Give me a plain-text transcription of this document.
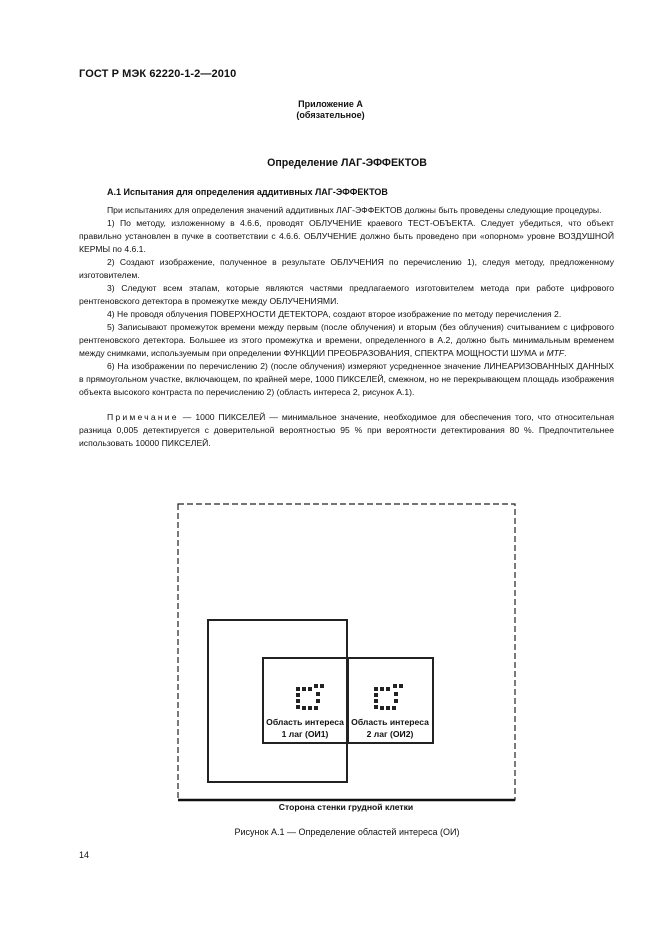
ГОСТ Р МЭК 62220-1-2—2010
Приложение А
(обязательное)
Определение ЛАГ-ЭФФЕКТОВ
А.1 Испытания для определения аддитивных ЛАГ-ЭФФЕКТОВ

При испытаниях для определения значений аддитивных ЛАГ-ЭФФЕКТОВ должны быть проведены следующие процедуры.

1) По методу, изложенному в 4.6.6, проводят ОБЛУЧЕНИЕ краевого ТЕСТ-ОБЪЕКТА. Следует убедиться, что объект правильно установлен в пучке в соответствии с 4.6.6. ОБЛУЧЕНИЕ должно быть проведено при «опорном» уровне ВОЗДУШНОЙ КЕРМЫ по 4.6.1.

2) Создают изображение, полученное в результате ОБЛУЧЕНИЯ по перечислению 1), следуя методу, предложенному изготовителем.

3) Следуют всем этапам, которые являются частями предлагаемого изготовителем метода при работе цифрового рентгеновского детектора в промежутке между ОБЛУЧЕНИЯМИ.

4) Не проводя облучения ПОВЕРХНОСТИ ДЕТЕКТОРА, создают второе изображение по методу перечисления 2.

5) Записывают промежуток времени между первым (после облучения) и вторым (без облучения) считыванием с цифрового рентгеновского детектора. Большее из этого промежутка и времени, определенного в А.2, должно быть минимальным временем между снимками, используемым при определении ФУНКЦИИ ПРЕОБРАЗОВАНИЯ, СПЕКТРА МОЩНОСТИ ШУМА и MTF.

6) На изображении по перечислению 2) (после облучения) измеряют усредненное значение ЛИНЕАРИЗОВАННЫХ ДАННЫХ в прямоугольном участке, включающем, по крайней мере, 1000 ПИКСЕЛЕЙ, смежном, но не перекрывающем площадь изображения объекта высокого контраста по перечислению 2) (область интереса 2, рисунок А.1).

Примечание — 1000 ПИКСЕЛЕЙ — минимальное значение, необходимое для обеспечения того, что относительная разница 0,005 детектируется с доверительной вероятностью 95 % при вероятности детектирования 80 %. Предпочтительнее использовать 10000 ПИКСЕЛЕЙ.

Область интереса
1 лаг (ОИ1)
Область интереса
2 лаг (ОИ2)
Сторона стенки грудной клетки
Рисунок А.1 — Определение областей интереса (ОИ)
14
